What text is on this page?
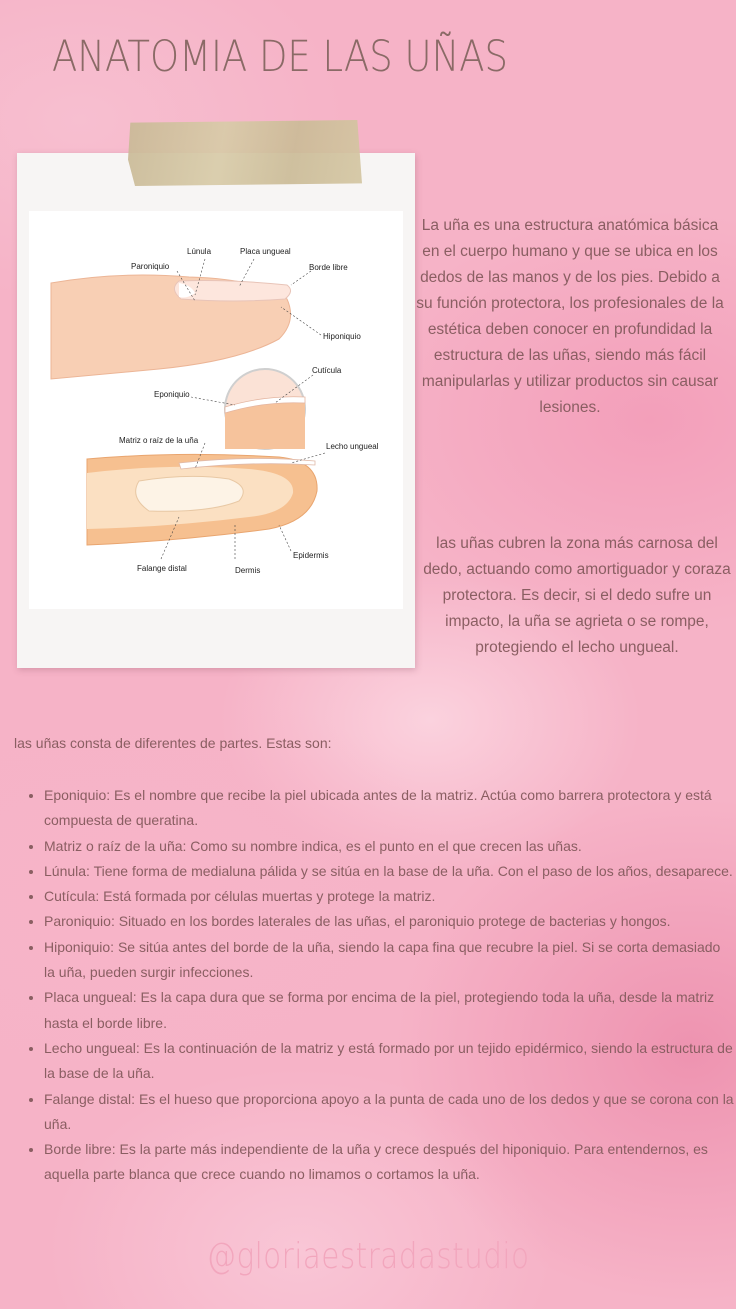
ANATOMIA DE LAS UÑAS
Lúnula	Placa ungueal
Paroniquio	Borde libre
Hiponiquio
Cutícula
Eponiquio
Matriz o raíz de la uña
Lecho ungueal
Epidermis
Falange distal	Dermis

La uña es una estructura anatómica básica en el cuerpo humano y que se ubica en los dedos de las manos y de los pies. Debido a su función protectora, los profesionales de la estética deben conocer en profundidad la estructura de las uñas, siendo más fácil manipularlas y utilizar productos sin causar lesiones.

las uñas cubren la zona más carnosa del dedo, actuando como amortiguador y coraza protectora. Es decir, si el dedo sufre un impacto, la uña se agrieta o se rompe, protegiendo el lecho ungueal.

las uñas consta de diferentes de partes. Estas son:

• Eponiquio: Es el nombre que recibe la piel ubicada antes de la matriz. Actúa como barrera protectora y está compuesta de queratina.
• Matriz o raíz de la uña: Como su nombre indica, es el punto en el que crecen las uñas.
• Lúnula: Tiene forma de medialuna pálida y se sitúa en la base de la uña. Con el paso de los años, desaparece.
• Cutícula: Está formada por células muertas y protege la matriz.
• Paroniquio: Situado en los bordes laterales de las uñas, el paroniquio protege de bacterias y hongos.
• Hiponiquio: Se sitúa antes del borde de la uña, siendo la capa fina que recubre la piel. Si se corta demasiado la uña, pueden surgir infecciones.
• Placa ungueal: Es la capa dura que se forma por encima de la piel, protegiendo toda la uña, desde la matriz hasta el borde libre.
• Lecho ungueal: Es la continuación de la matriz y está formado por un tejido epidérmico, siendo la estructura de la base de la uña.
• Falange distal: Es el hueso que proporciona apoyo a la punta de cada uno de los dedos y que se corona con la uña.
• Borde libre: Es la parte más independiente de la uña y crece después del hiponiquio. Para entendernos, es aquella parte blanca que crece cuando no limamos o cortamos la uña.

@gloriaestradastudio
